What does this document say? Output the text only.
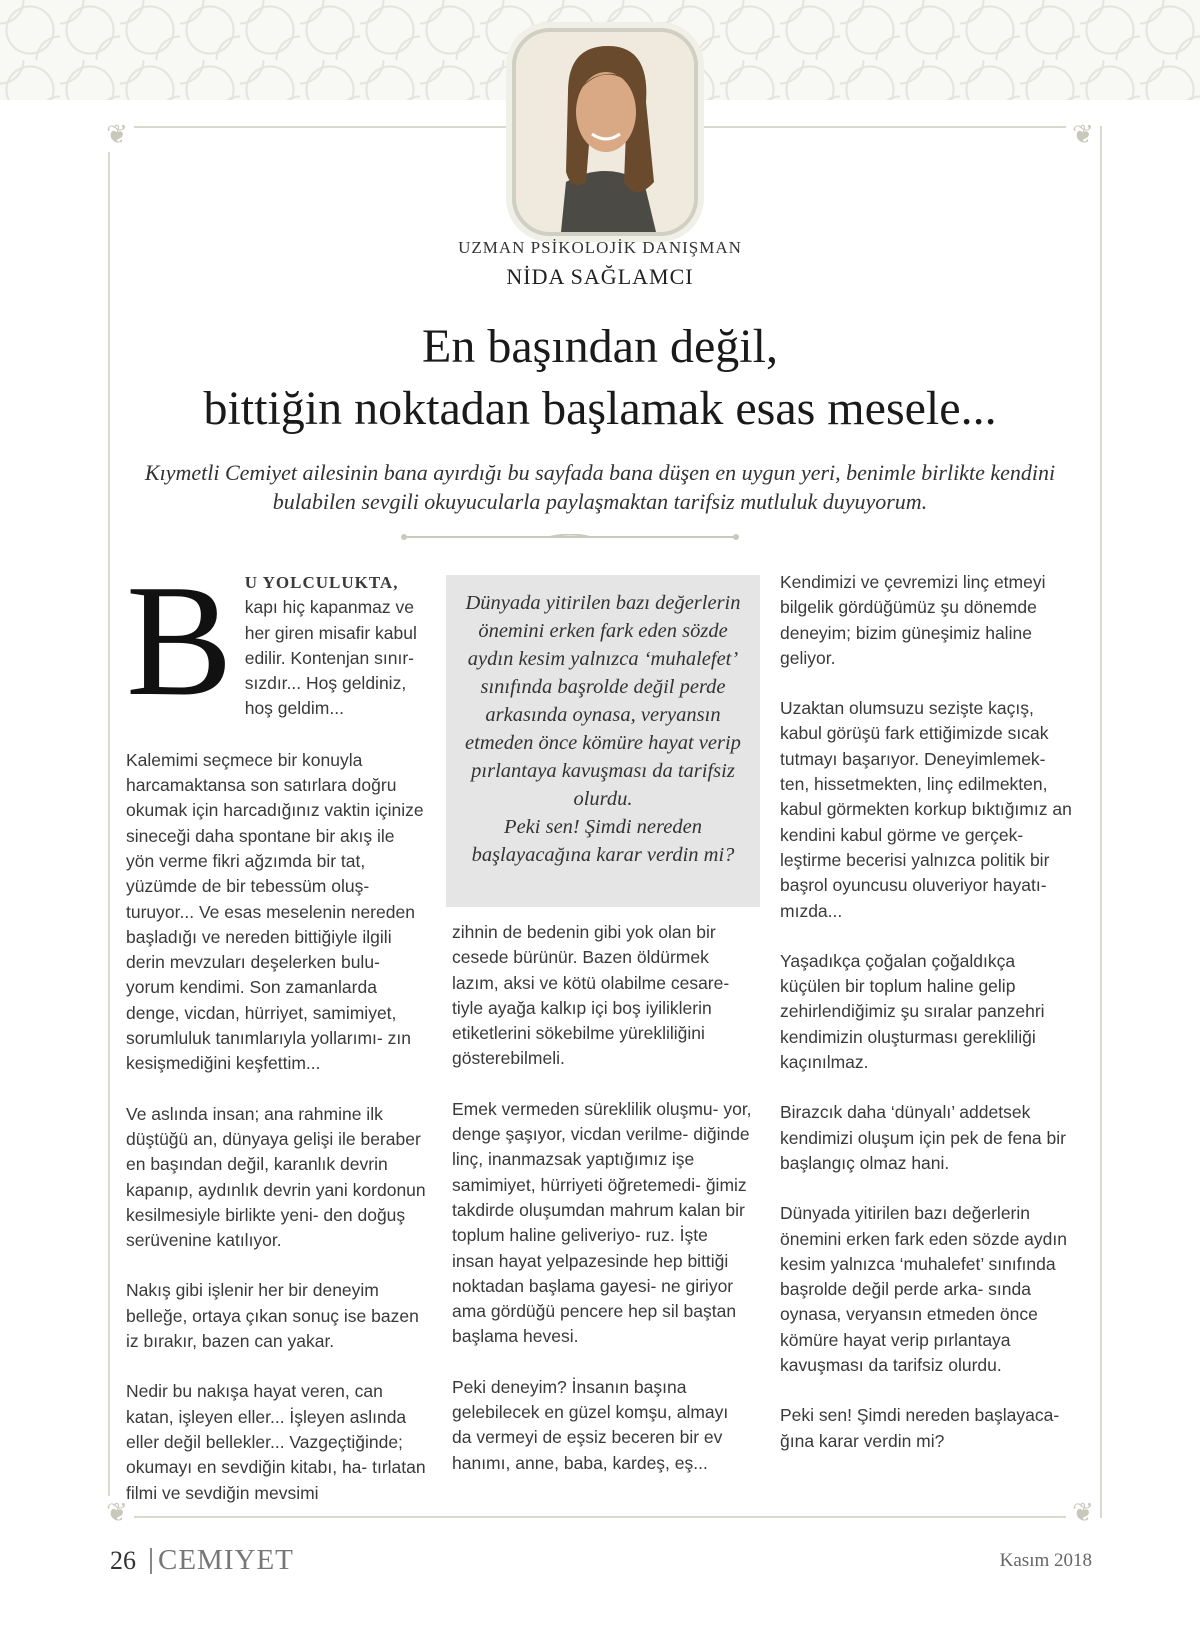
❦	❦
❦	❦
UZMAN PSİKOLOJİK DANIŞMAN
NİDA SAĞLAMCI
En başından değil,
bittiğin noktadan başlamak esas mesele...
Kıymetli Cemiyet ailesinin bana ayırdığı bu sayfada bana düşen en uygun yeri, benimle birlikte kendini bulabilen sevgili okuyucularla paylaşmaktan tarifsiz mutluluk duyuyorum.
B U YOLCULUKTA,
kapı hiç kapanmaz ve her giren misafir kabul edilir. Kontenjan sınır- sızdır... Hoş geldiniz, hoş geldim...

Kalemimi seçmece bir konuyla harcamaktansa son satırlara doğru okumak için harcadığınız vaktin içinize sineceği daha spontane bir akış ile yön verme fikri ağzımda bir tat, yüzümde de bir tebessüm oluş- turuyor... Ve esas meselenin nereden başladığı ve nereden bittiğiyle ilgili derin mevzuları deşelerken bulu- yorum kendimi. Son zamanlarda denge, vicdan, hürriyet, samimiyet, sorumluluk tanımlarıyla yollarımı- zın kesişmediğini keşfettim...

Ve aslında insan; ana rahmine ilk düştüğü an, dünyaya gelişi ile beraber en başından değil, karanlık devrin kapanıp, aydınlık devrin yani kordonun kesilmesiyle birlikte yeni- den doğuş serüvenine katılıyor.

Nakış gibi işlenir her bir deneyim belleğe, ortaya çıkan sonuç ise bazen iz bırakır, bazen can yakar.

Nedir bu nakışa hayat veren, can katan, işleyen eller... İşleyen aslında eller değil bellekler... Vazgeçtiğinde; okumayı en sevdiğin kitabı, ha- tırlatan filmi ve sevdiğin mevsimi

Dünyada yitirilen bazı değerlerin önemini erken fark eden sözde aydın kesim yalnızca ‘muhalefet’ sınıfında başrolde değil perde arkasında oynasa, veryansın etmeden önce kömüre hayat verip pırlantaya kavuşması da tarifsiz olurdu.
Peki sen! Şimdi nereden başlayacağına karar verdin mi?

zihnin de bedenin gibi yok olan bir cesede bürünür. Bazen öldürmek lazım, aksi ve kötü olabilme cesare- tiyle ayağa kalkıp içi boş iyiliklerin etiketlerini sökebilme yürekliliğini gösterebilmeli.

Emek vermeden süreklilik oluşmu- yor, denge şaşıyor, vicdan verilme- diğinde linç, inanmazsak yaptığımız işe samimiyet, hürriyeti öğretemedi- ğimiz takdirde oluşumdan mahrum kalan bir toplum haline geliveriyo- ruz. İşte insan hayat yelpazesinde hep bittiği noktadan başlama gayesi- ne giriyor ama gördüğü pencere hep sil baştan başlama hevesi.

Peki deneyim? İnsanın başına gelebilecek en güzel komşu, almayı da vermeyi de eşsiz beceren bir ev hanımı, anne, baba, kardeş, eş...

Kendimizi ve çevremizi linç etmeyi bilgelik gördüğümüz şu dönemde deneyim; bizim güneşimiz haline geliyor.

Uzaktan olumsuzu sezişte kaçış, kabul görüşü fark ettiğimizde sıcak tutmayı başarıyor. Deneyimlemek- ten, hissetmekten, linç edilmekten, kabul görmekten korkup bıktığımız an kendini kabul görme ve gerçek- leştirme becerisi yalnızca politik bir başrol oyuncusu oluveriyor hayatı- mızda...

Yaşadıkça çoğalan çoğaldıkça küçülen bir toplum haline gelip zehirlendiğimiz şu sıralar panzehri kendimizin oluşturması gerekliliği kaçınılmaz.

Birazcık daha ‘dünyalı’ addetsek kendimizi oluşum için pek de fena bir başlangıç olmaz hani.

Dünyada yitirilen bazı değerlerin önemini erken fark eden sözde aydın kesim yalnızca ‘muhalefet’ sınıfında başrolde değil perde arka- sında oynasa, veryansın etmeden önce kömüre hayat verip pırlantaya kavuşması da tarifsiz olurdu.

Peki sen! Şimdi nereden başlayaca- ğına karar verdin mi?

26 CEMIYET	Kasım 2018
